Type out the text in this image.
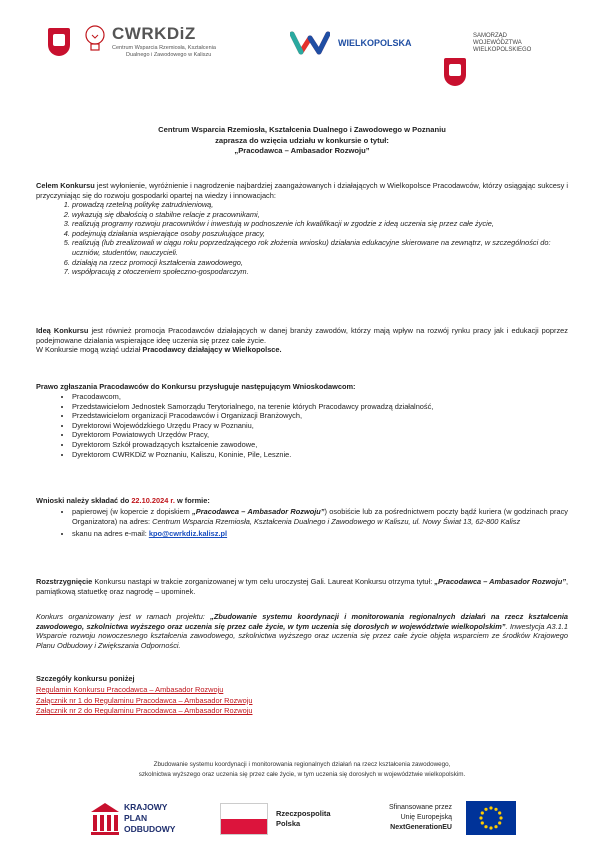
CWRKDiZ
Centrum Wsparcia Rzemiosła, Kształcenia
Dualnego i Zawodowego w Kaliszu
WIELKOPOLSKA
SAMORZĄD
WOJEWÓDZTWA
WIELKOPOLSKIEGO
Centrum Wsparcia Rzemiosła, Kształcenia Dualnego i Zawodowego w Poznaniu
zaprasza do wzięcia udziału w konkursie o tytuł:
„Pracodawca – Ambasador Rozwoju”
Celem Konkursu jest wyłonienie, wyróżnienie i nagrodzenie najbardziej zaangażowanych i działających w Wielkopolsce Pracodawców, którzy osiągając sukcesy i przyczyniając się do rozwoju gospodarki opartej na wiedzy i innowacjach:
1. prowadzą rzetelną politykę zatrudnieniową,
2. wykazują się dbałością o stabilne relacje z pracownikami,
3. realizują programy rozwoju pracowników i inwestują w podnoszenie ich kwalifikacji w zgodzie z ideą uczenia się przez całe życie,
4. podejmują działania wspierające osoby poszukujące pracy,
5. realizują (lub zrealizowali w ciągu roku poprzedzającego rok złożenia wniosku) działania edukacyjne skierowane na zewnątrz, w szczególności do: uczniów, studentów, nauczycieli.
6. działają na rzecz promocji kształcenia zawodowego,
7. współpracują z otoczeniem społeczno-gospodarczym.
Ideą Konkursu jest również promocja Pracodawców działających w danej branży zawodów, którzy mają wpływ na rozwój rynku pracy jak i edukacji poprzez podejmowane działania wspierające ideę uczenia się przez całe życie.
W Konkursie mogą wziąć udział Pracodawcy działający w Wielkopolsce.
Prawo zgłaszania Pracodawców do Konkursu przysługuje następującym Wnioskodawcom:
• Pracodawcom,
• Przedstawicielom Jednostek Samorządu Terytorialnego, na terenie których Pracodawcy prowadzą działalność,
• Przedstawicielom organizacji Pracodawców i Organizacji Branżowych,
• Dyrektorowi Wojewódzkiego Urzędu Pracy w Poznaniu,
• Dyrektorom Powiatowych Urzędów Pracy,
• Dyrektorom Szkół prowadzących kształcenie zawodowe,
• Dyrektorom CWRKDiZ w Poznaniu, Kaliszu, Koninie, Pile, Lesznie.
Wnioski należy składać do 22.10.2024 r. w formie:
• papierowej (w kopercie z dopiskiem „Pracodawca – Ambasador Rozwoju”) osobiście lub za pośrednictwem poczty bądź kuriera (w godzinach pracy Organizatora) na adres: Centrum Wsparcia Rzemiosła, Kształcenia Dualnego i Zawodowego w Kaliszu, ul. Nowy Świat 13, 62-800 Kalisz
• skanu na adres e-mail: kpo@cwrkdiz.kalisz.pl
Rozstrzygnięcie Konkursu nastąpi w trakcie zorganizowanej w tym celu uroczystej Gali. Laureat Konkursu otrzyma tytuł: „Pracodawca – Ambasador Rozwoju”, pamiątkową statuetkę oraz nagrodę – upominek.
Konkurs organizowany jest w ramach projektu: „Zbudowanie systemu koordynacji i monitorowania regionalnych działań na rzecz kształcenia zawodowego, szkolnictwa wyższego oraz uczenia się przez całe życie, w tym uczenia się dorosłych w województwie wielkopolskim”. Inwestycja A3.1.1 Wsparcie rozwoju nowoczesnego kształcenia zawodowego, szkolnictwa wyższego oraz uczenia się przez całe życie objęta wsparciem ze środków Krajowego Planu Odbudowy i Zwiększania Odporności.
Szczegóły konkursu poniżej
Regulamin Konkursu Pracodawca – Ambasador Rozwoju
Załącznik nr 1 do Regulaminu Pracodawca – Ambasador Rozwoju
Załącznik nr 2 do Regulaminu Pracodawca – Ambasador Rozwoju
Zbudowanie systemu koordynacji i monitorowania regionalnych działań na rzecz kształcenia zawodowego,
szkolnictwa wyższego oraz uczenia się przez całe życie, w tym uczenia się dorosłych w województwie wielkopolskim.
KRAJOWY
PLAN
ODBUDOWY
Rzeczpospolita
Polska
Sfinansowane przez
Unię Europejską
NextGenerationEU
